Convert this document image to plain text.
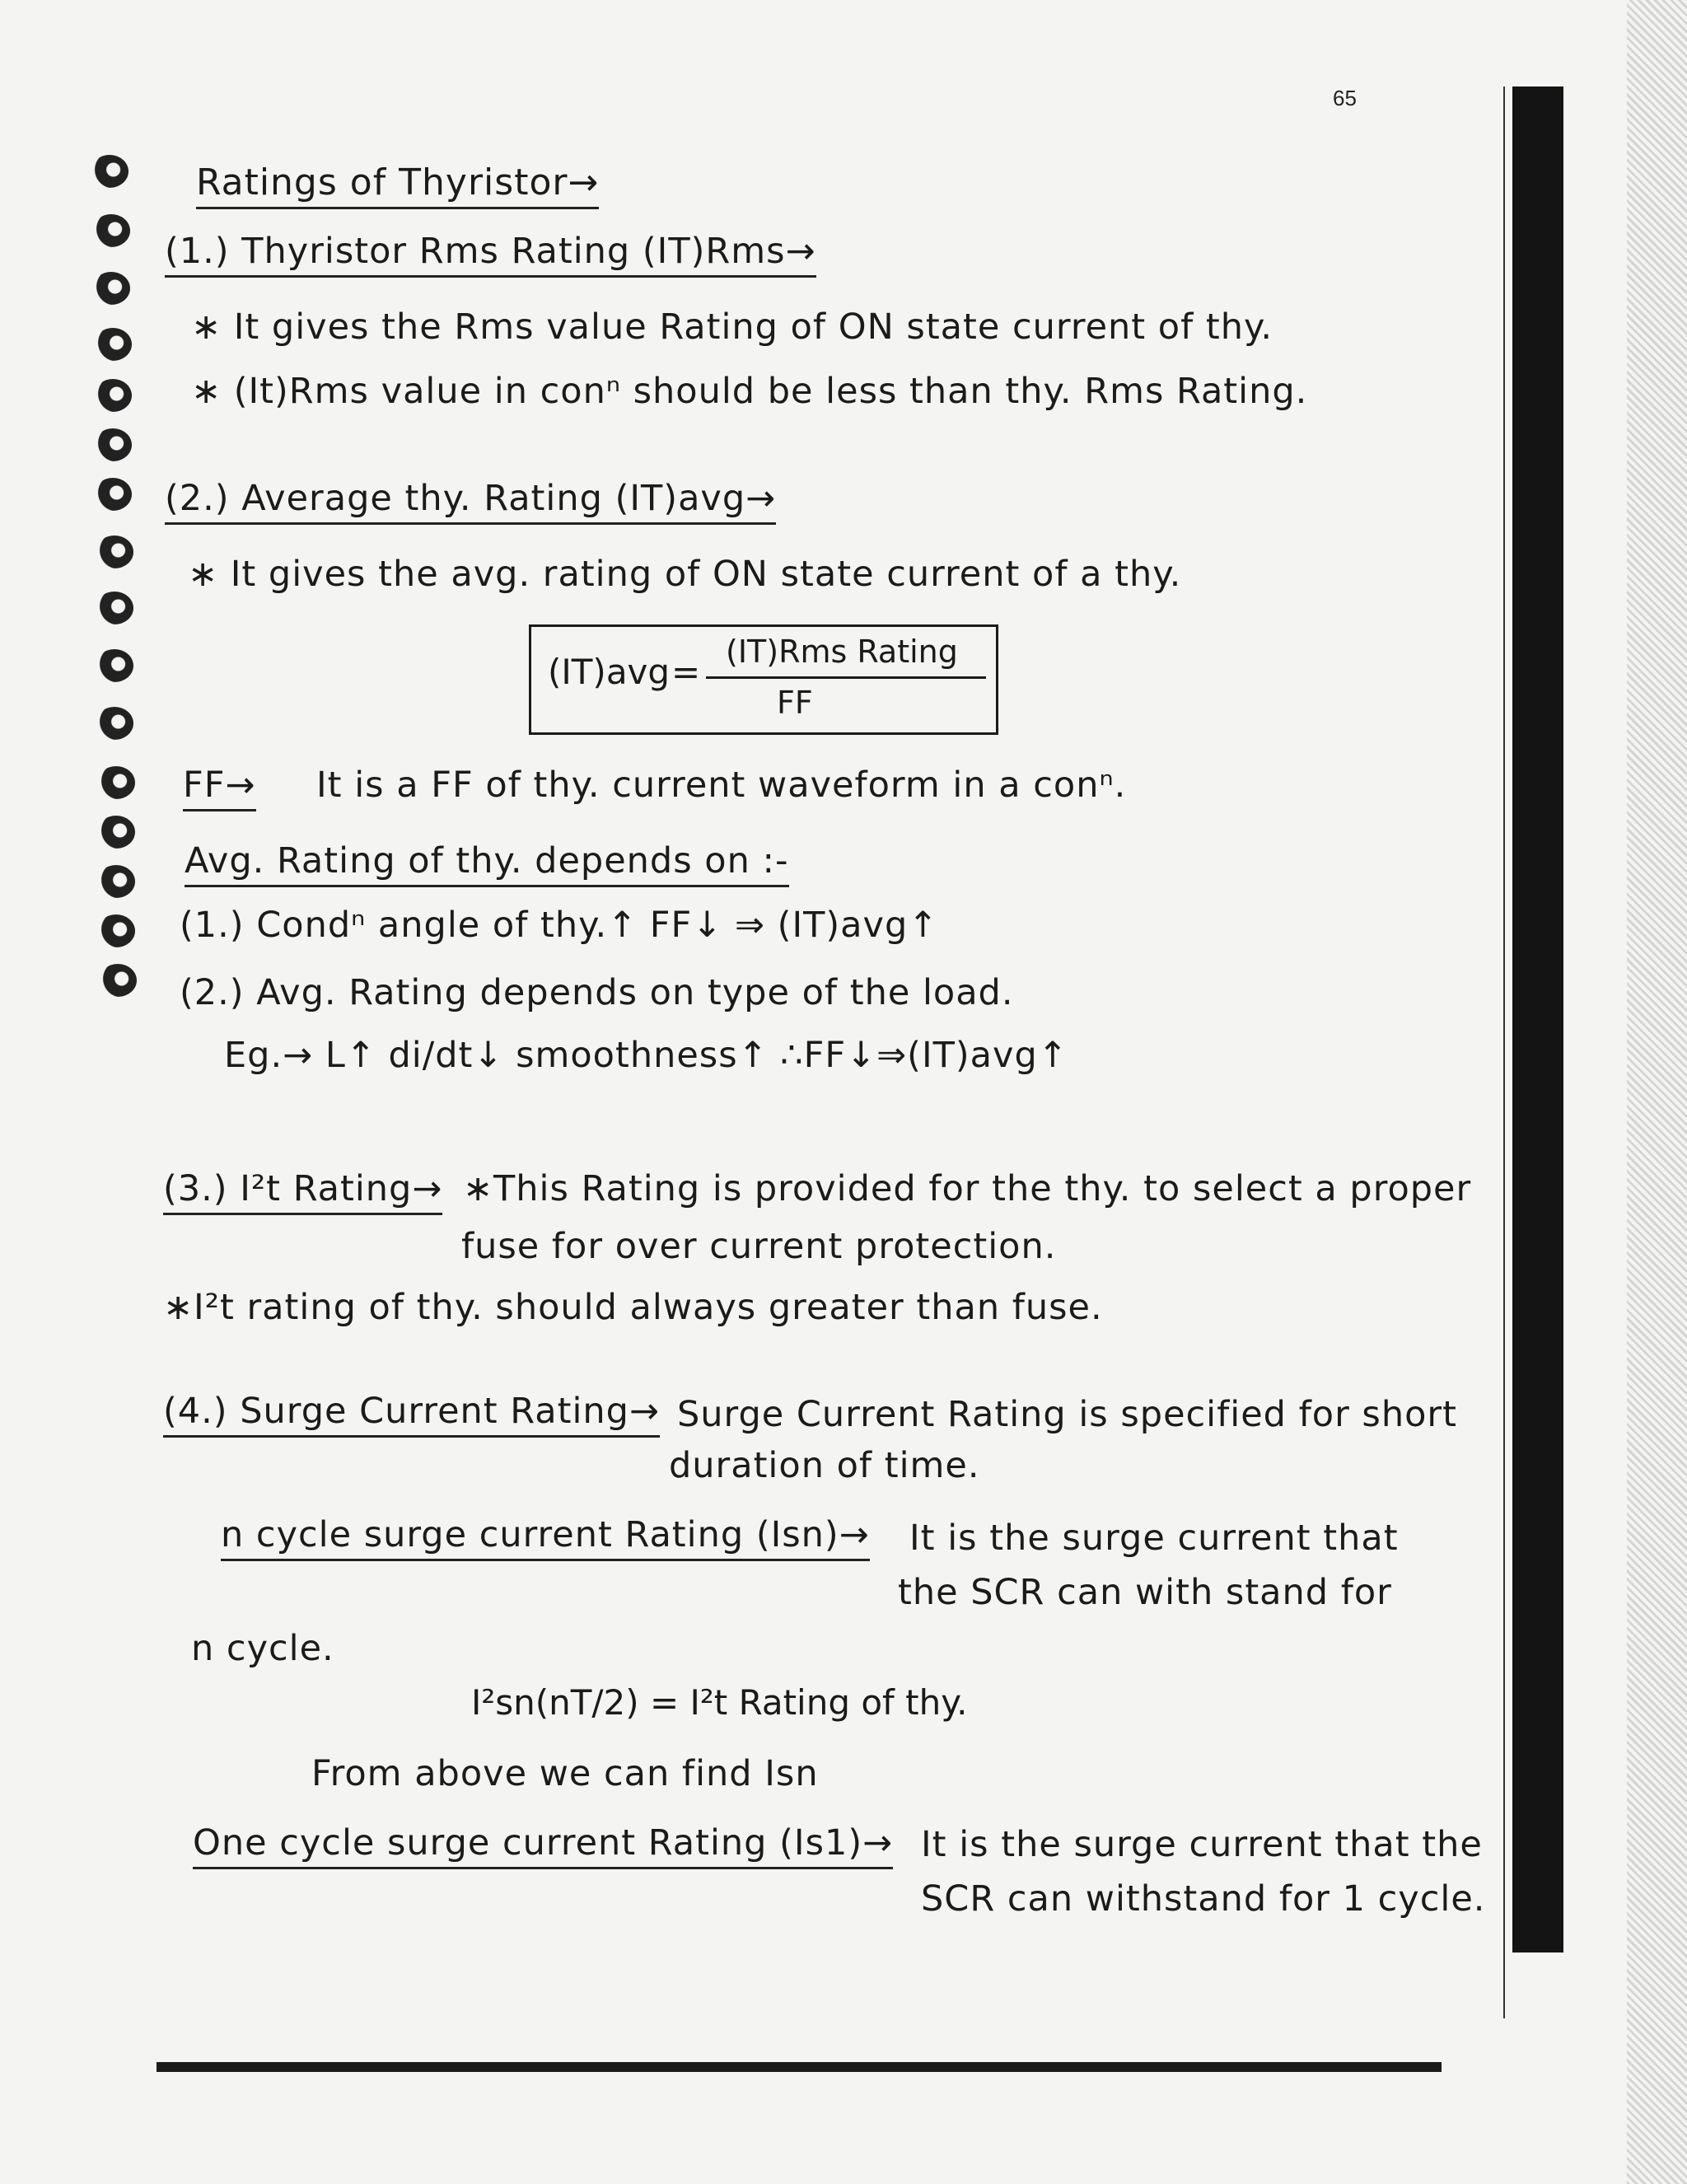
65
Ratings of Thyristor→
(1.) Thyristor Rms Rating (IT)Rms→
∗ It gives the Rms value Rating of ON state current of thy.
∗ (It)Rms value in conⁿ should be less than thy. Rms Rating.
(2.) Average thy. Rating (IT)avg→
∗ It gives the avg. rating of ON state current of a thy.
(IT)avg = (IT)Rms Rating
FF
FF→ It is a FF of thy. current waveform in a conⁿ.
Avg. Rating of thy. depends on :-
(1.) Condⁿ angle of thy.↑ FF↓ ⇒ (IT)avg↑
(2.) Avg. Rating depends on type of the load.
Eg.→ L↑ di/dt↓ smoothness↑ ∴FF↓⇒(IT)avg↑
(3.) I²t Rating→ ∗This Rating is provided for the thy. to select a proper
fuse for over current protection.
∗I²t rating of thy. should always greater than fuse.
(4.) Surge Current Rating→ Surge Current Rating is specified for short
duration of time.
n cycle surge current Rating (Isn)→ It is the surge current that
the SCR can with stand for
n cycle.
I²sn(nT/2) = I²t Rating of thy.
From above we can find Isn
One cycle surge current Rating (Is1)→ It is the surge current that the
SCR can withstand for 1 cycle.
